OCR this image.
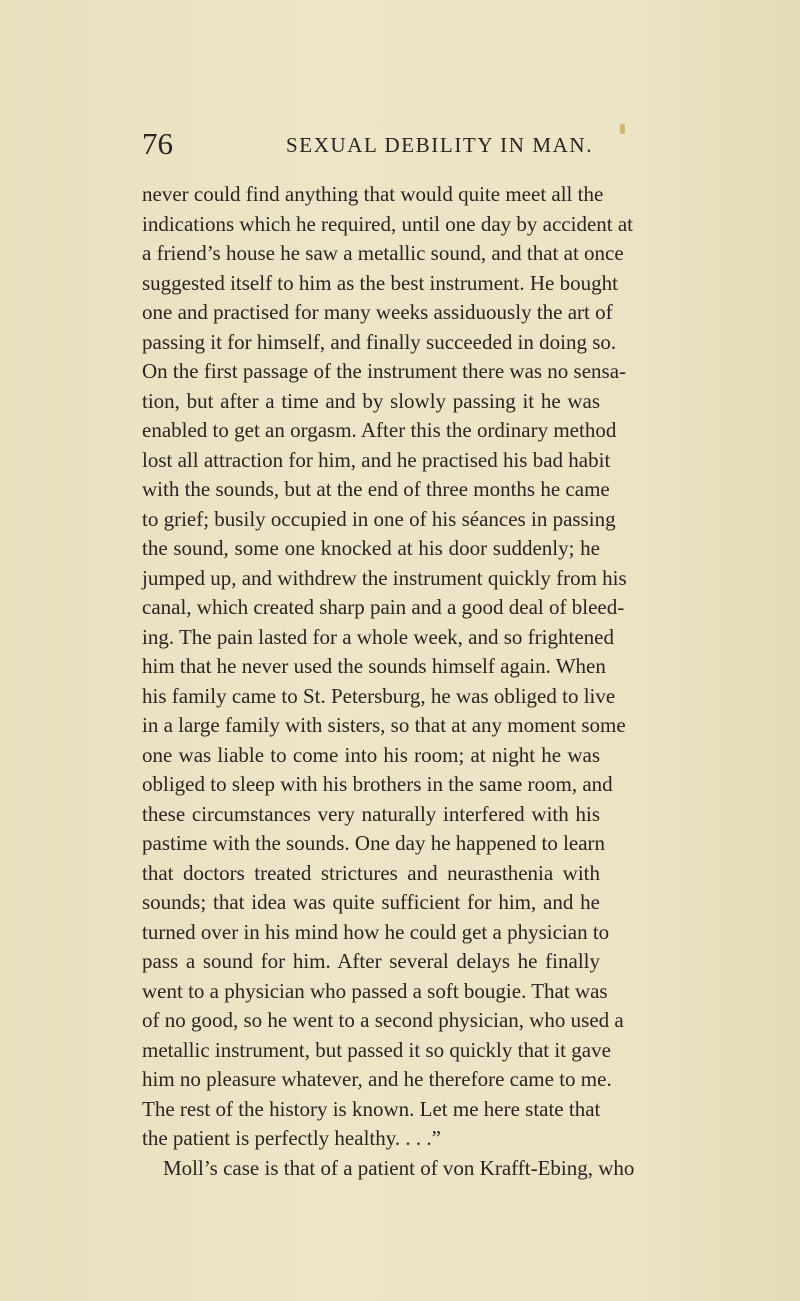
76	SEXUAL DEBILITY IN MAN.
never could find anything that would quite meet all the
indications which he required, until one day by accident at
a friend’s house he saw a metallic sound, and that at once
suggested itself to him as the best instrument. He bought
one and practised for many weeks assiduously the art of
passing it for himself, and finally succeeded in doing so.
On the first passage of the instrument there was no sensa-
tion, but after a time and by slowly passing it he was
enabled to get an orgasm. After this the ordinary method
lost all attraction for him, and he practised his bad habit
with the sounds, but at the end of three months he came
to grief; busily occupied in one of his séances in passing
the sound, some one knocked at his door suddenly; he
jumped up, and withdrew the instrument quickly from his
canal, which created sharp pain and a good deal of bleed-
ing. The pain lasted for a whole week, and so frightened
him that he never used the sounds himself again. When
his family came to St. Petersburg, he was obliged to live
in a large family with sisters, so that at any moment some
one was liable to come into his room; at night he was
obliged to sleep with his brothers in the same room, and
these circumstances very naturally interfered with his
pastime with the sounds. One day he happened to learn
that doctors treated strictures and neurasthenia with
sounds; that idea was quite sufficient for him, and he
turned over in his mind how he could get a physician to
pass a sound for him. After several delays he finally
went to a physician who passed a soft bougie. That was
of no good, so he went to a second physician, who used a
metallic instrument, but passed it so quickly that it gave
him no pleasure whatever, and he therefore came to me.
The rest of the history is known. Let me here state that
the patient is perfectly healthy. . . .”
Moll’s case is that of a patient of von Krafft-Ebing, who
